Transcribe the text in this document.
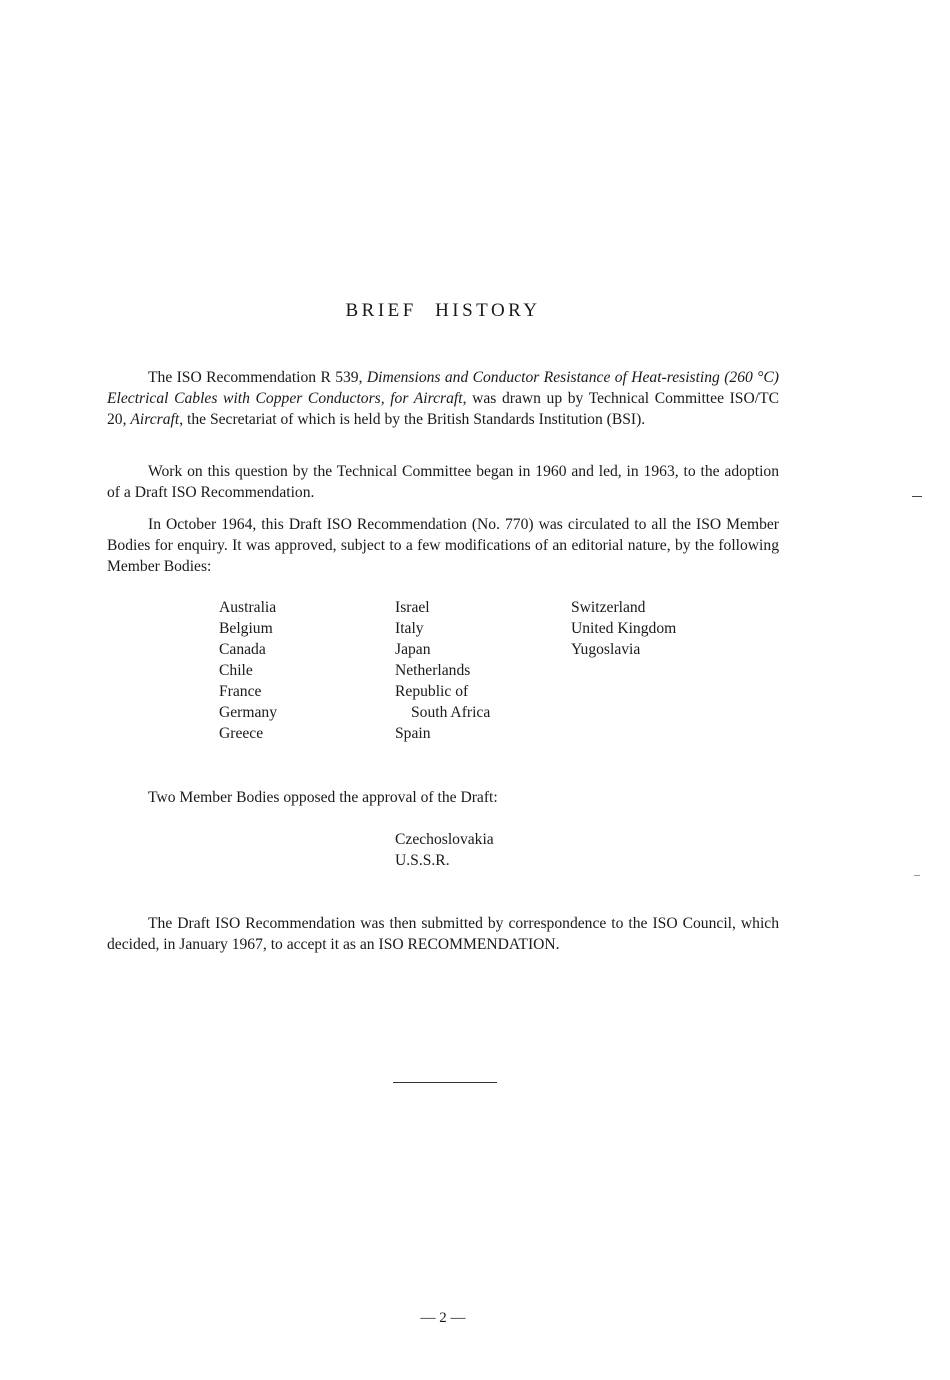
BRIEF HISTORY

The ISO Recommendation R 539, Dimensions and Conductor Resistance of Heat-resisting (260 °C) Electrical Cables with Copper Conductors, for Aircraft, was drawn up by Technical Committee ISO/TC 20, Aircraft, the Secretariat of which is held by the British Standards Institution (BSI).

Work on this question by the Technical Committee began in 1960 and led, in 1963, to the adoption of a Draft ISO Recommendation.

In October 1964, this Draft ISO Recommendation (No. 770) was circulated to all the ISO Member Bodies for enquiry. It was approved, subject to a few modifications of an editorial nature, by the following Member Bodies:

Australia
Belgium
Canada
Chile
France
Germany
Greece
Israel
Italy
Japan
Netherlands
Republic of
South Africa
Spain
Switzerland
United Kingdom
Yugoslavia

Two Member Bodies opposed the approval of the Draft:

Czechoslovakia
U.S.S.R.

The Draft ISO Recommendation was then submitted by correspondence to the ISO Council, which decided, in January 1967, to accept it as an ISO RECOMMENDATION.

— 2 —
